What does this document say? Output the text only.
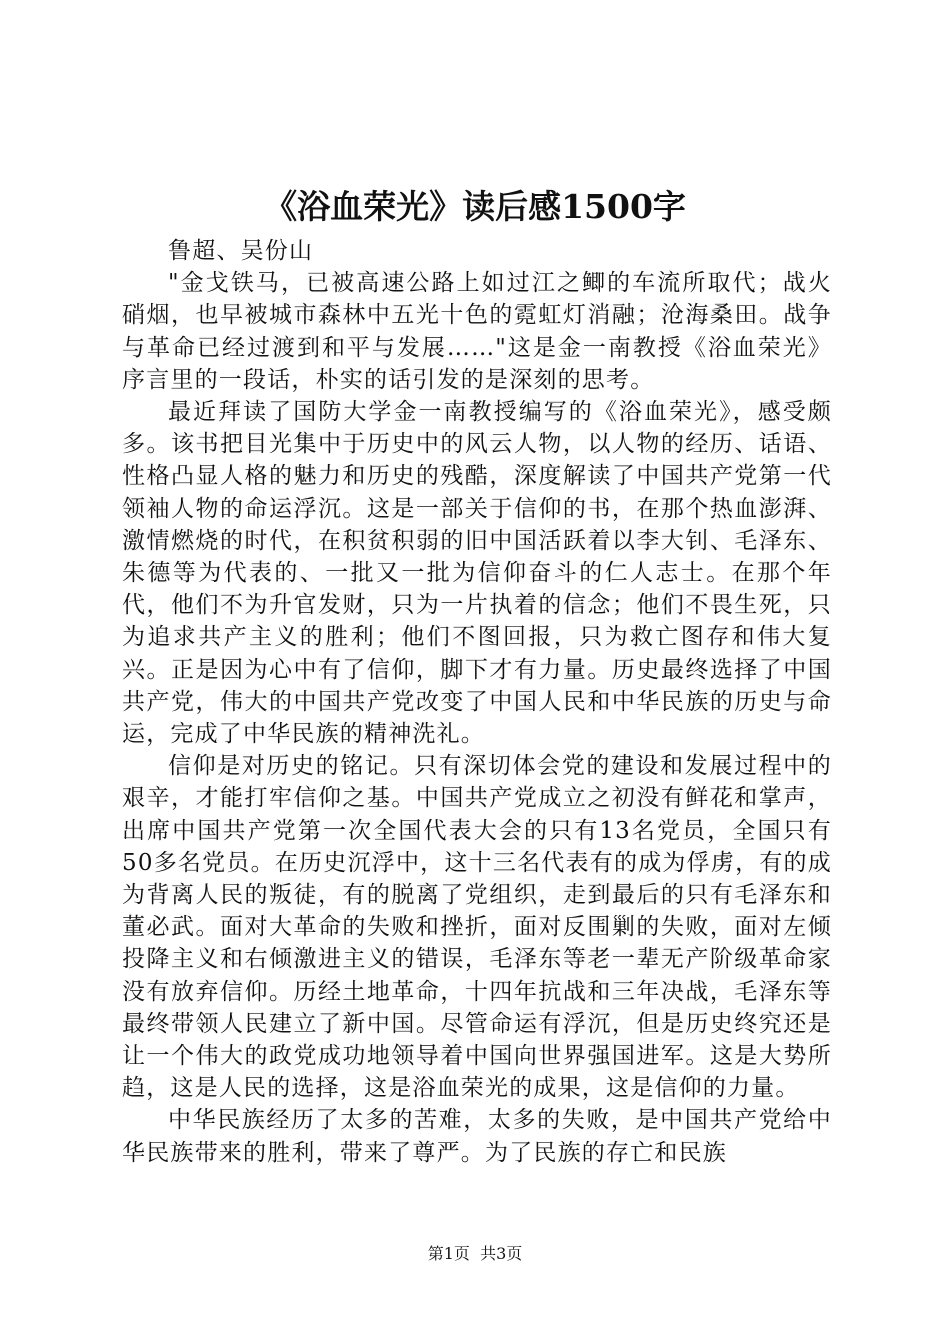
《浴血荣光》读后感1500字

鲁超、吴份山

"金戈铁马，已被高速公路上如过江之鲫的车流所取代；战火硝烟，也早被城市森林中五光十色的霓虹灯消融；沧海桑田。战争与革命已经过渡到和平与发展……"这是金一南教授《浴血荣光》序言里的一段话，朴实的话引发的是深刻的思考。

最近拜读了国防大学金一南教授编写的《浴血荣光》，感受颇多。该书把目光集中于历史中的风云人物，以人物的经历、话语、性格凸显人格的魅力和历史的残酷，深度解读了中国共产党第一代领袖人物的命运浮沉。这是一部关于信仰的书，在那个热血澎湃、激情燃烧的时代，在积贫积弱的旧中国活跃着以李大钊、毛泽东、朱德等为代表的、一批又一批为信仰奋斗的仁人志士。在那个年代，他们不为升官发财，只为一片执着的信念；他们不畏生死，只为追求共产主义的胜利；他们不图回报，只为救亡图存和伟大复兴。正是因为心中有了信仰，脚下才有力量。历史最终选择了中国共产党，伟大的中国共产党改变了中国人民和中华民族的历史与命运，完成了中华民族的精神洗礼。

信仰是对历史的铭记。只有深切体会党的建设和发展过程中的艰辛，才能打牢信仰之基。中国共产党成立之初没有鲜花和掌声，出席中国共产党第一次全国代表大会的只有13名党员，全国只有50多名党员。在历史沉浮中，这十三名代表有的成为俘虏，有的成为背离人民的叛徒，有的脱离了党组织，走到最后的只有毛泽东和董必武。面对大革命的失败和挫折，面对反围剿的失败，面对左倾投降主义和右倾激进主义的错误，毛泽东等老一辈无产阶级革命家没有放弃信仰。历经土地革命，十四年抗战和三年决战，毛泽东等最终带领人民建立了新中国。尽管命运有浮沉，但是历史终究还是让一个伟大的政党成功地领导着中国向世界强国进军。这是大势所趋，这是人民的选择，这是浴血荣光的成果，这是信仰的力量。

中华民族经历了太多的苦难，太多的失败，是中国共产党给中华民族带来的胜利，带来了尊严。为了民族的存亡和民族

第1页  共3页
